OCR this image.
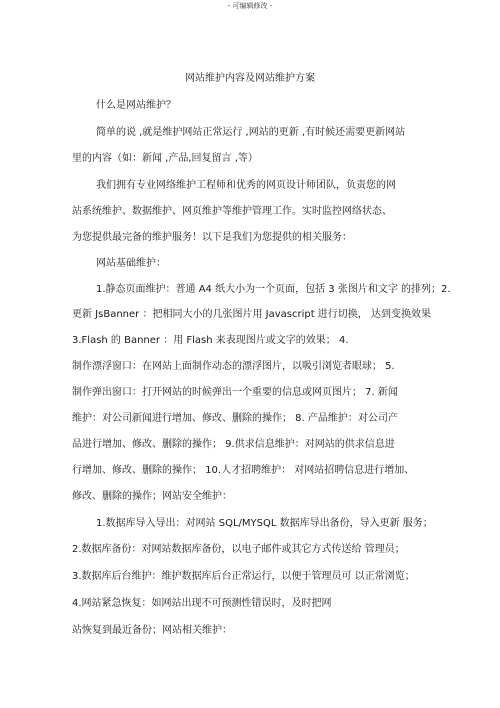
- 可编辑修改 -
网站维护内容及网站维护方案
什么是网站维护？
简单的说 ,就是维护网站正常运行 ,网站的更新 ,有时候还需要更新网站
里的内容（如：新闻 ,产品,回复留言 ,等）
我们拥有专业网络维护工程师和优秀的网页设计师团队，负责您的网
站系统维护、数据维护、网页维护等维护管理工作。实时监控网络状态、
为您提供最完备的维护服务！以下是我们为您提供的相关服务：
网站基础维护：
1.静态页面维护：普通 A4 纸大小为一个页面，包括 3 张图片和文字 的排列；2.
更新 JsBanner ：把相同大小的几张图片用 Javascript 进行切换， 达到变换效果
3.Flash 的 Banner ：用 Flash 来表现图片或文字的效果； 4.
制作漂浮窗口：在网站上面制作动态的漂浮图片，以吸引浏览者眼球； 5.
制作弹出窗口：打开网站的时候弹出一个重要的信息或网页图片； 7. 新闻
维护：对公司新闻进行增加、修改、删除的操作； 8. 产品维护：对公司产
品进行增加、修改、删除的操作； 9.供求信息维护：对网站的供求信息进
行增加、修改、删除的操作； 10.人才招聘维护： 对网站招聘信息进行增加、
修改、删除的操作；网站安全维护：
1.数据库导入导出：对网站 SQL/MYSQL 数据库导出备份，导入更新 服务；
2.数据库备份：对网站数据库备份，以电子邮件或其它方式传送给 管理员；
3.数据库后台维护：维护数据库后台正常运行，以便于管理员可 以正常浏览；
4.网站紧急恢复：如网站出现不可预测性错误时，及时把网
站恢复到最近备份；网站相关维护：
